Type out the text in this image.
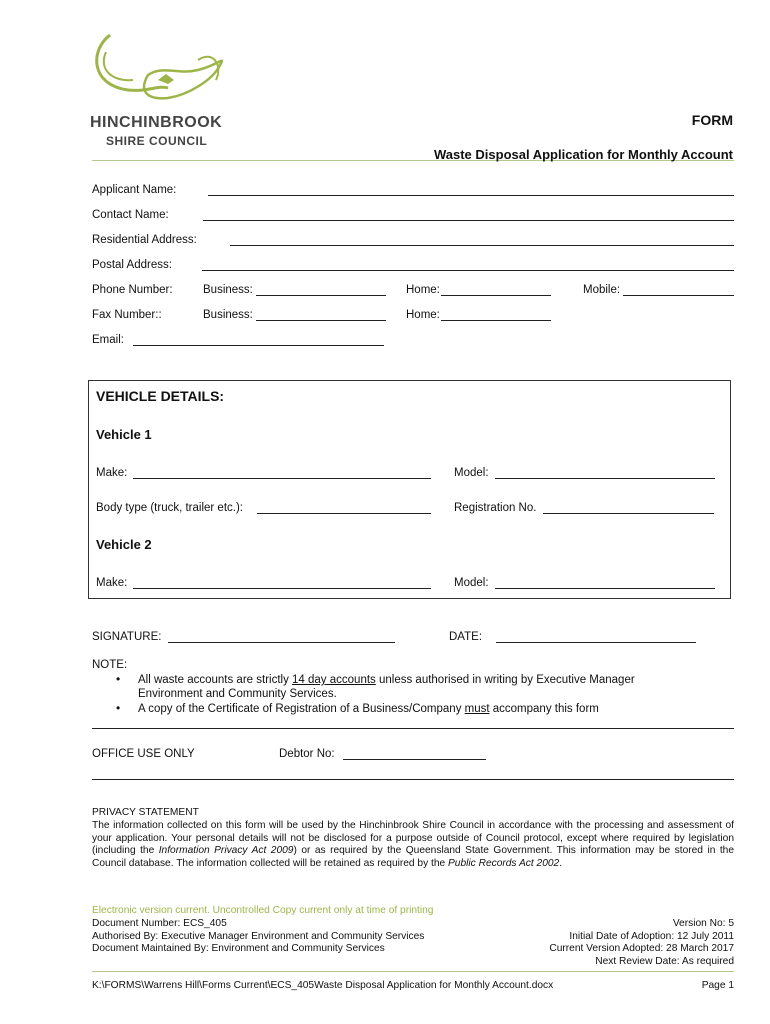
HINCHINBROOK
SHIRE COUNCIL
FORM
Waste Disposal Application for Monthly Account
Applicant Name:
Contact Name:
Residential Address:
Postal Address:
Phone Number:	Business:	Home:	Mobile:
Fax Number::	Business:	Home:
Email:
VEHICLE DETAILS:
Vehicle 1
Make:	Model:
Body type (truck, trailer etc.):	Registration No.
Vehicle 2
Make:	Model:
SIGNATURE:	DATE:
NOTE:
• All waste accounts are strictly 14 day accounts unless authorised in writing by Executive Manager
Environment and Community Services.
• A copy of the Certificate of Registration of a Business/Company must accompany this form
OFFICE USE ONLY	Debtor No:
PRIVACY STATEMENT
The information collected on this form will be used by the Hinchinbrook Shire Council in accordance with the processing and assessment of your application. Your personal details will not be disclosed for a purpose outside of Council protocol, except where required by legislation (including the Information Privacy Act 2009) or as required by the Queensland State Government. This information may be stored in the Council database. The information collected will be retained as required by the Public Records Act 2002.
Electronic version current. Uncontrolled Copy current only at time of printing
Document Number: ECS_405
Authorised By: Executive Manager Environment and Community Services
Document Maintained By: Environment and Community Services
Version No: 5
Initial Date of Adoption: 12 July 2011
Current Version Adopted: 28 March 2017
Next Review Date: As required
K:\FORMS\Warrens Hill\Forms Current\ECS_405Waste Disposal Application for Monthly Account.docx	Page 1
